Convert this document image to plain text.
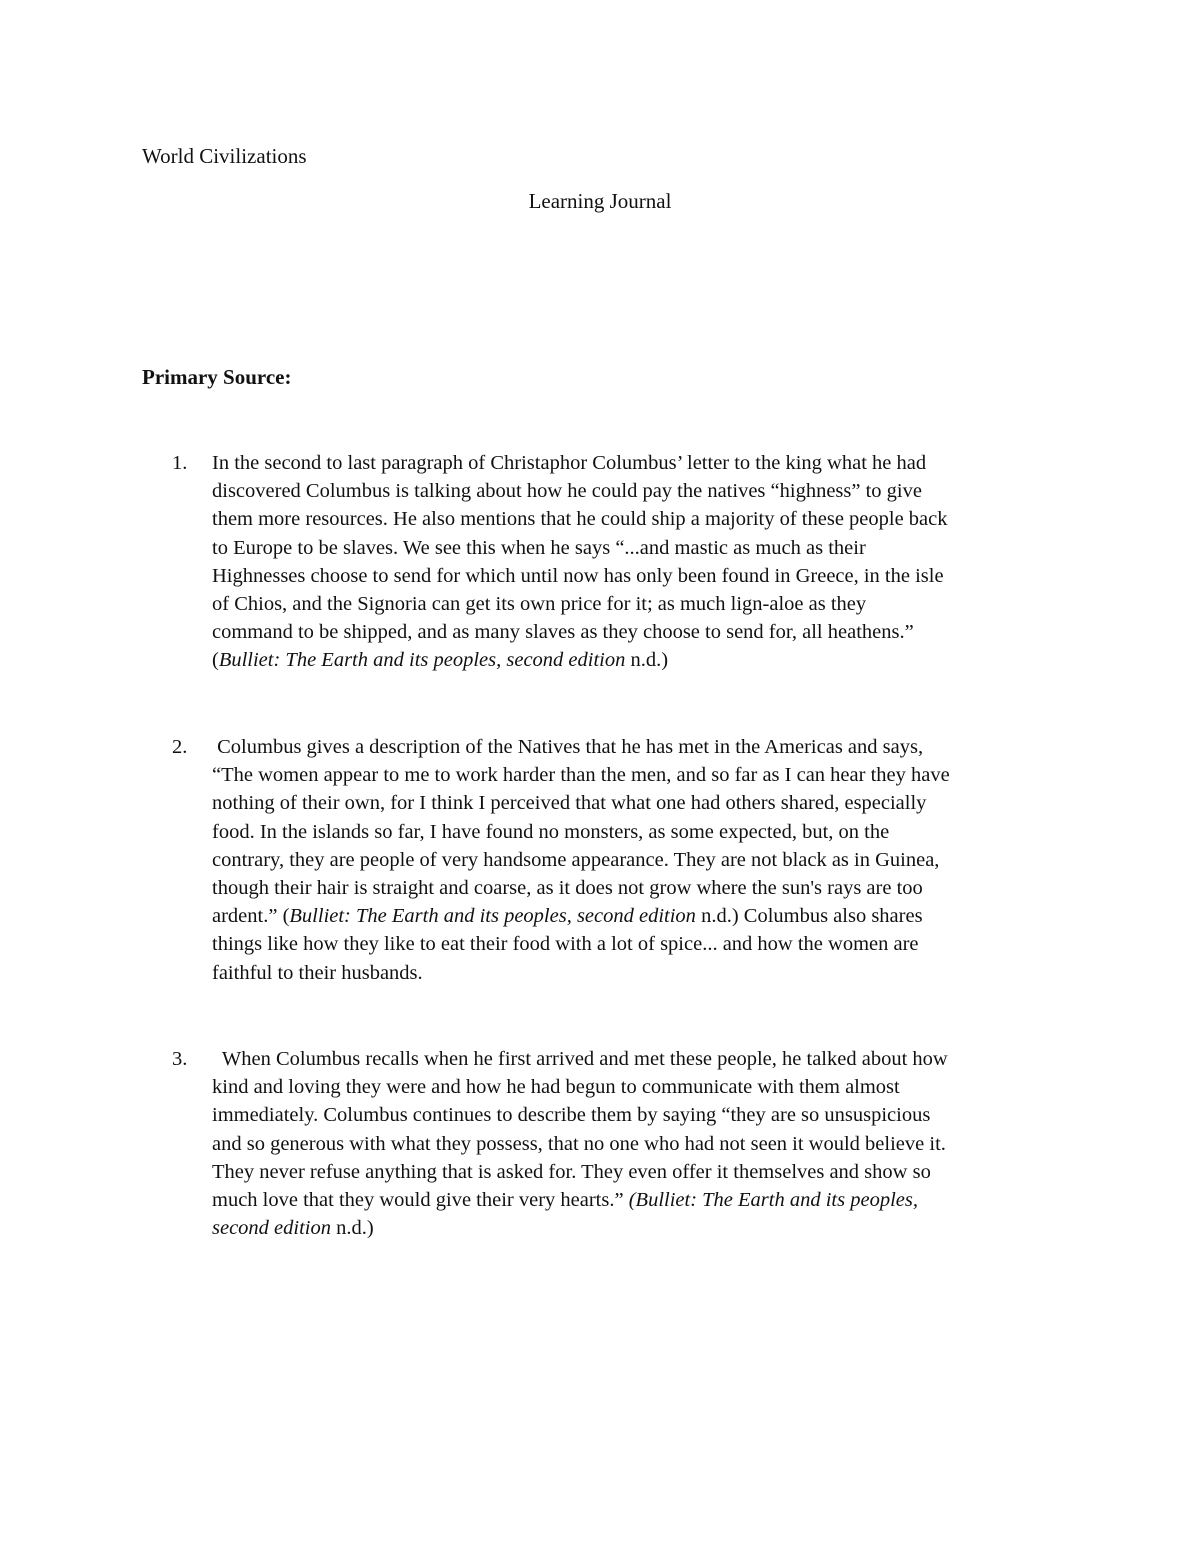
World Civilizations
Learning Journal
Primary Source:
1. In the second to last paragraph of Christaphor Columbus’ letter to the king what he had
discovered Columbus is talking about how he could pay the natives “highness” to give
them more resources. He also mentions that he could ship a majority of these people back
to Europe to be slaves. We see this when he says “...and mastic as much as their
Highnesses choose to send for which until now has only been found in Greece, in the isle
of Chios, and the Signoria can get its own price for it; as much lign-aloe as they
command to be shipped, and as many slaves as they choose to send for, all heathens.”
(Bulliet: The Earth and its peoples, second edition n.d.)
2. Columbus gives a description of the Natives that he has met in the Americas and says,
“The women appear to me to work harder than the men, and so far as I can hear they have
nothing of their own, for I think I perceived that what one had others shared, especially
food. In the islands so far, I have found no monsters, as some expected, but, on the
contrary, they are people of very handsome appearance. They are not black as in Guinea,
though their hair is straight and coarse, as it does not grow where the sun's rays are too
ardent.” (Bulliet: The Earth and its peoples, second edition n.d.) Columbus also shares
things like how they like to eat their food with a lot of spice... and how the women are
faithful to their husbands.
3. When Columbus recalls when he first arrived and met these people, he talked about how
kind and loving they were and how he had begun to communicate with them almost
immediately. Columbus continues to describe them by saying “they are so unsuspicious
and so generous with what they possess, that no one who had not seen it would believe it.
They never refuse anything that is asked for. They even offer it themselves and show so
much love that they would give their very hearts.” (Bulliet: The Earth and its peoples,
second edition n.d.)
